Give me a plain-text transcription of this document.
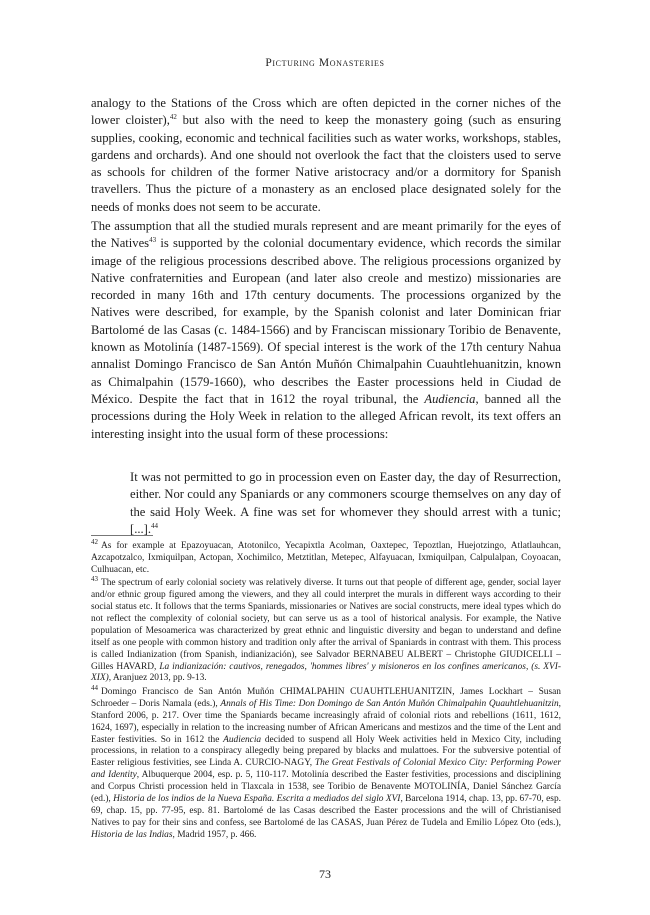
Picturing Monasteries

analogy to the Stations of the Cross which are often depicted in the corner niches of the lower cloister),$^{42}$ but also with the need to keep the monastery going (such as ensuring supplies, cooking, economic and technical facilities such as water works, workshops, stables, gardens and orchards). And one should not overlook the fact that the cloisters used to serve as schools for children of the former Native aristocracy and/or a dormitory for Spanish travellers. Thus the picture of a monastery as an enclosed place designated solely for the needs of monks does not seem to be accurate.

The assumption that all the studied murals represent and are meant primarily for the eyes of the Natives$^{43}$ is supported by the colonial documentary evidence, which records the similar image of the religious processions described above. The religious processions organized by Native confraternities and European (and later also creole and mestizo) missionaries are recorded in many 16th and 17th century documents. The processions organized by the Natives were described, for example, by the Spanish colonist and later Dominican friar Bartolomé de las Casas (c. 1484-1566) and by Franciscan missionary Toribio de Benavente, known as Motolinía (1487-1569). Of special interest is the work of the 17th century Nahua annalist Domingo Francisco de San Antón Muñón Chimalpahin Cuauhtlehuanitzin, known as Chimalpahin (1579-1660), who describes the Easter processions held in Ciudad de México. Despite the fact that in 1612 the royal tribunal, the Audiencia, banned all the processions during the Holy Week in relation to the alleged African revolt, its text offers an interesting insight into the usual form of these processions:

It was not permitted to go in procession even on Easter day, the day of Resurrection, either. Nor could any Spaniards or any commoners scourge themselves on any day of the said Holy Week. A fine was set for whomever they should arrest with a tunic; [...].$^{44}$

$^{42}$ As for example at Epazoyuacan, Atotonilco, Yecapixtla Acolman, Oaxtepec, Tepoztlan, Huejotzingo, Atlatlauhcan, Azcapotzalco, Ixmiquilpan, Actopan, Xochimilco, Metztitlan, Metepec, Alfayuacan, Ixmiquilpan, Calpulalpan, Coyoacan, Culhuacan, etc.

$^{43}$ The spectrum of early colonial society was relatively diverse. It turns out that people of different age, gender, social layer and/or ethnic group figured among the viewers, and they all could interpret the murals in different ways according to their social status etc. It follows that the terms Spaniards, missionaries or Natives are social constructs, mere ideal types which do not reflect the complexity of colonial society, but can serve us as a tool of historical analysis. For example, the Native population of Mesoamerica was characterized by great ethnic and linguistic diversity and began to understand and define itself as one people with common history and tradition only after the arrival of Spaniards in contrast with them. This process is called Indianization (from Spanish, indianización), see Salvador BERNABEU ALBERT – Christophe GIUDICELLI – Gilles HAVARD, La indianización: cautivos, renegados, 'hommes libres' y misioneros en los confines americanos, (s. XVI-XIX), Aranjuez 2013, pp. 9-13.

$^{44}$ Domingo Francisco de San Antón Muñón CHIMALPAHIN CUAUHTLEHUANITZIN, James Lockhart – Susan Schroeder – Doris Namala (eds.), Annals of His Time: Don Domingo de San Antón Muñón Chimalpahin Quauhtlehuanitzin, Stanford 2006, p. 217. Over time the Spaniards became increasingly afraid of colonial riots and rebellions (1611, 1612, 1624, 1697), especially in relation to the increasing number of African Americans and mestizos and the time of the Lent and Easter festivities. So in 1612 the Audiencia decided to suspend all Holy Week activities held in Mexico City, including processions, in relation to a conspiracy allegedly being prepared by blacks and mulattoes. For the subversive potential of Easter religious festivities, see Linda A. CURCIO-NAGY, The Great Festivals of Colonial Mexico City: Performing Power and Identity, Albuquerque 2004, esp. p. 5, 110-117. Motolinía described the Easter festivities, processions and disciplining and Corpus Christi procession held in Tlaxcala in 1538, see Toribio de Benavente MOTOLINÍA, Daniel Sánchez García (ed.), Historia de los indios de la Nueva España. Escrita a mediados del siglo XVI, Barcelona 1914, chap. 13, pp. 67-70, esp. 69, chap. 15, pp. 77-95, esp. 81. Bartolomé de las Casas described the Easter processions and the will of Christianised Natives to pay for their sins and confess, see Bartolomé de las CASAS, Juan Pérez de Tudela and Emilio López Oto (eds.), Historia de las Indias, Madrid 1957, p. 466.

73
